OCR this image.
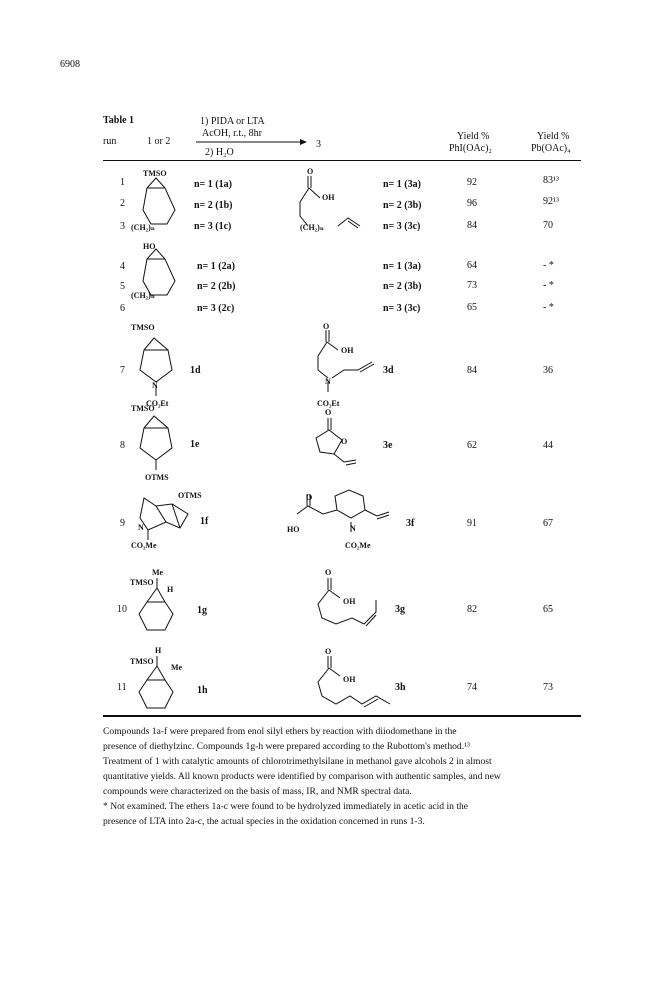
6908
Table 1
run	1 or 2
1) PIDA or LTA
AcOH, r.t., 8hr
2) H₂O
3
Yield %
PhI(OAc)₂
Yield %
Pb(OAc)₄
1
2
3
4
5
6
7
8
9
10
11
n= 1 (1a)
n= 2 (1b)
n= 3 (1c)
n= 1 (2a)
n= 2 (2b)
n= 3 (2c)
1d
1e
1f
1g
1h
n= 1 (3a)
n= 2 (3b)
n= 3 (3c)
n= 1 (3a)
n= 2 (3b)
n= 3 (3c)
3d
3e
3f
3g
3h
92
96
84
64
73
65
84
62
91
82
74
83¹³
92¹³
70
- *
- *
- *
36
44
67
65
73
TMSO
(CH₂)ₙ
O
OH
(CH₂)ₙ
HO
(CH₂)ₙ
TMSO
N
CO₂Et
O
OH
N
CO₂Et
TMSO
OTMS
O
O
OTMS
N
CO₂Me
O
HO	N
CO₂Me
Me
TMSO
H
O
OH
H
TMSO
Me
O
OH

Compounds 1a-f were prepared from enol silyl ethers by reaction with diiodomethane in the

presence of diethylzinc. Compounds 1g-h were prepared according to the Rubottom's method.¹³

Treatment of 1 with catalytic amounts of chlorotrimethylsilane in methanol gave alcohols 2 in almost

quantitative yields. All known products were identified by comparison with authentic samples, and new

compounds were characterized on the basis of mass, IR, and NMR spectral data.

* Not examined. The ethers 1a-c were found to be hydrolyzed immediately in acetic acid in the

presence of LTA into 2a-c, the actual species in the oxidation concerned in runs 1-3.
